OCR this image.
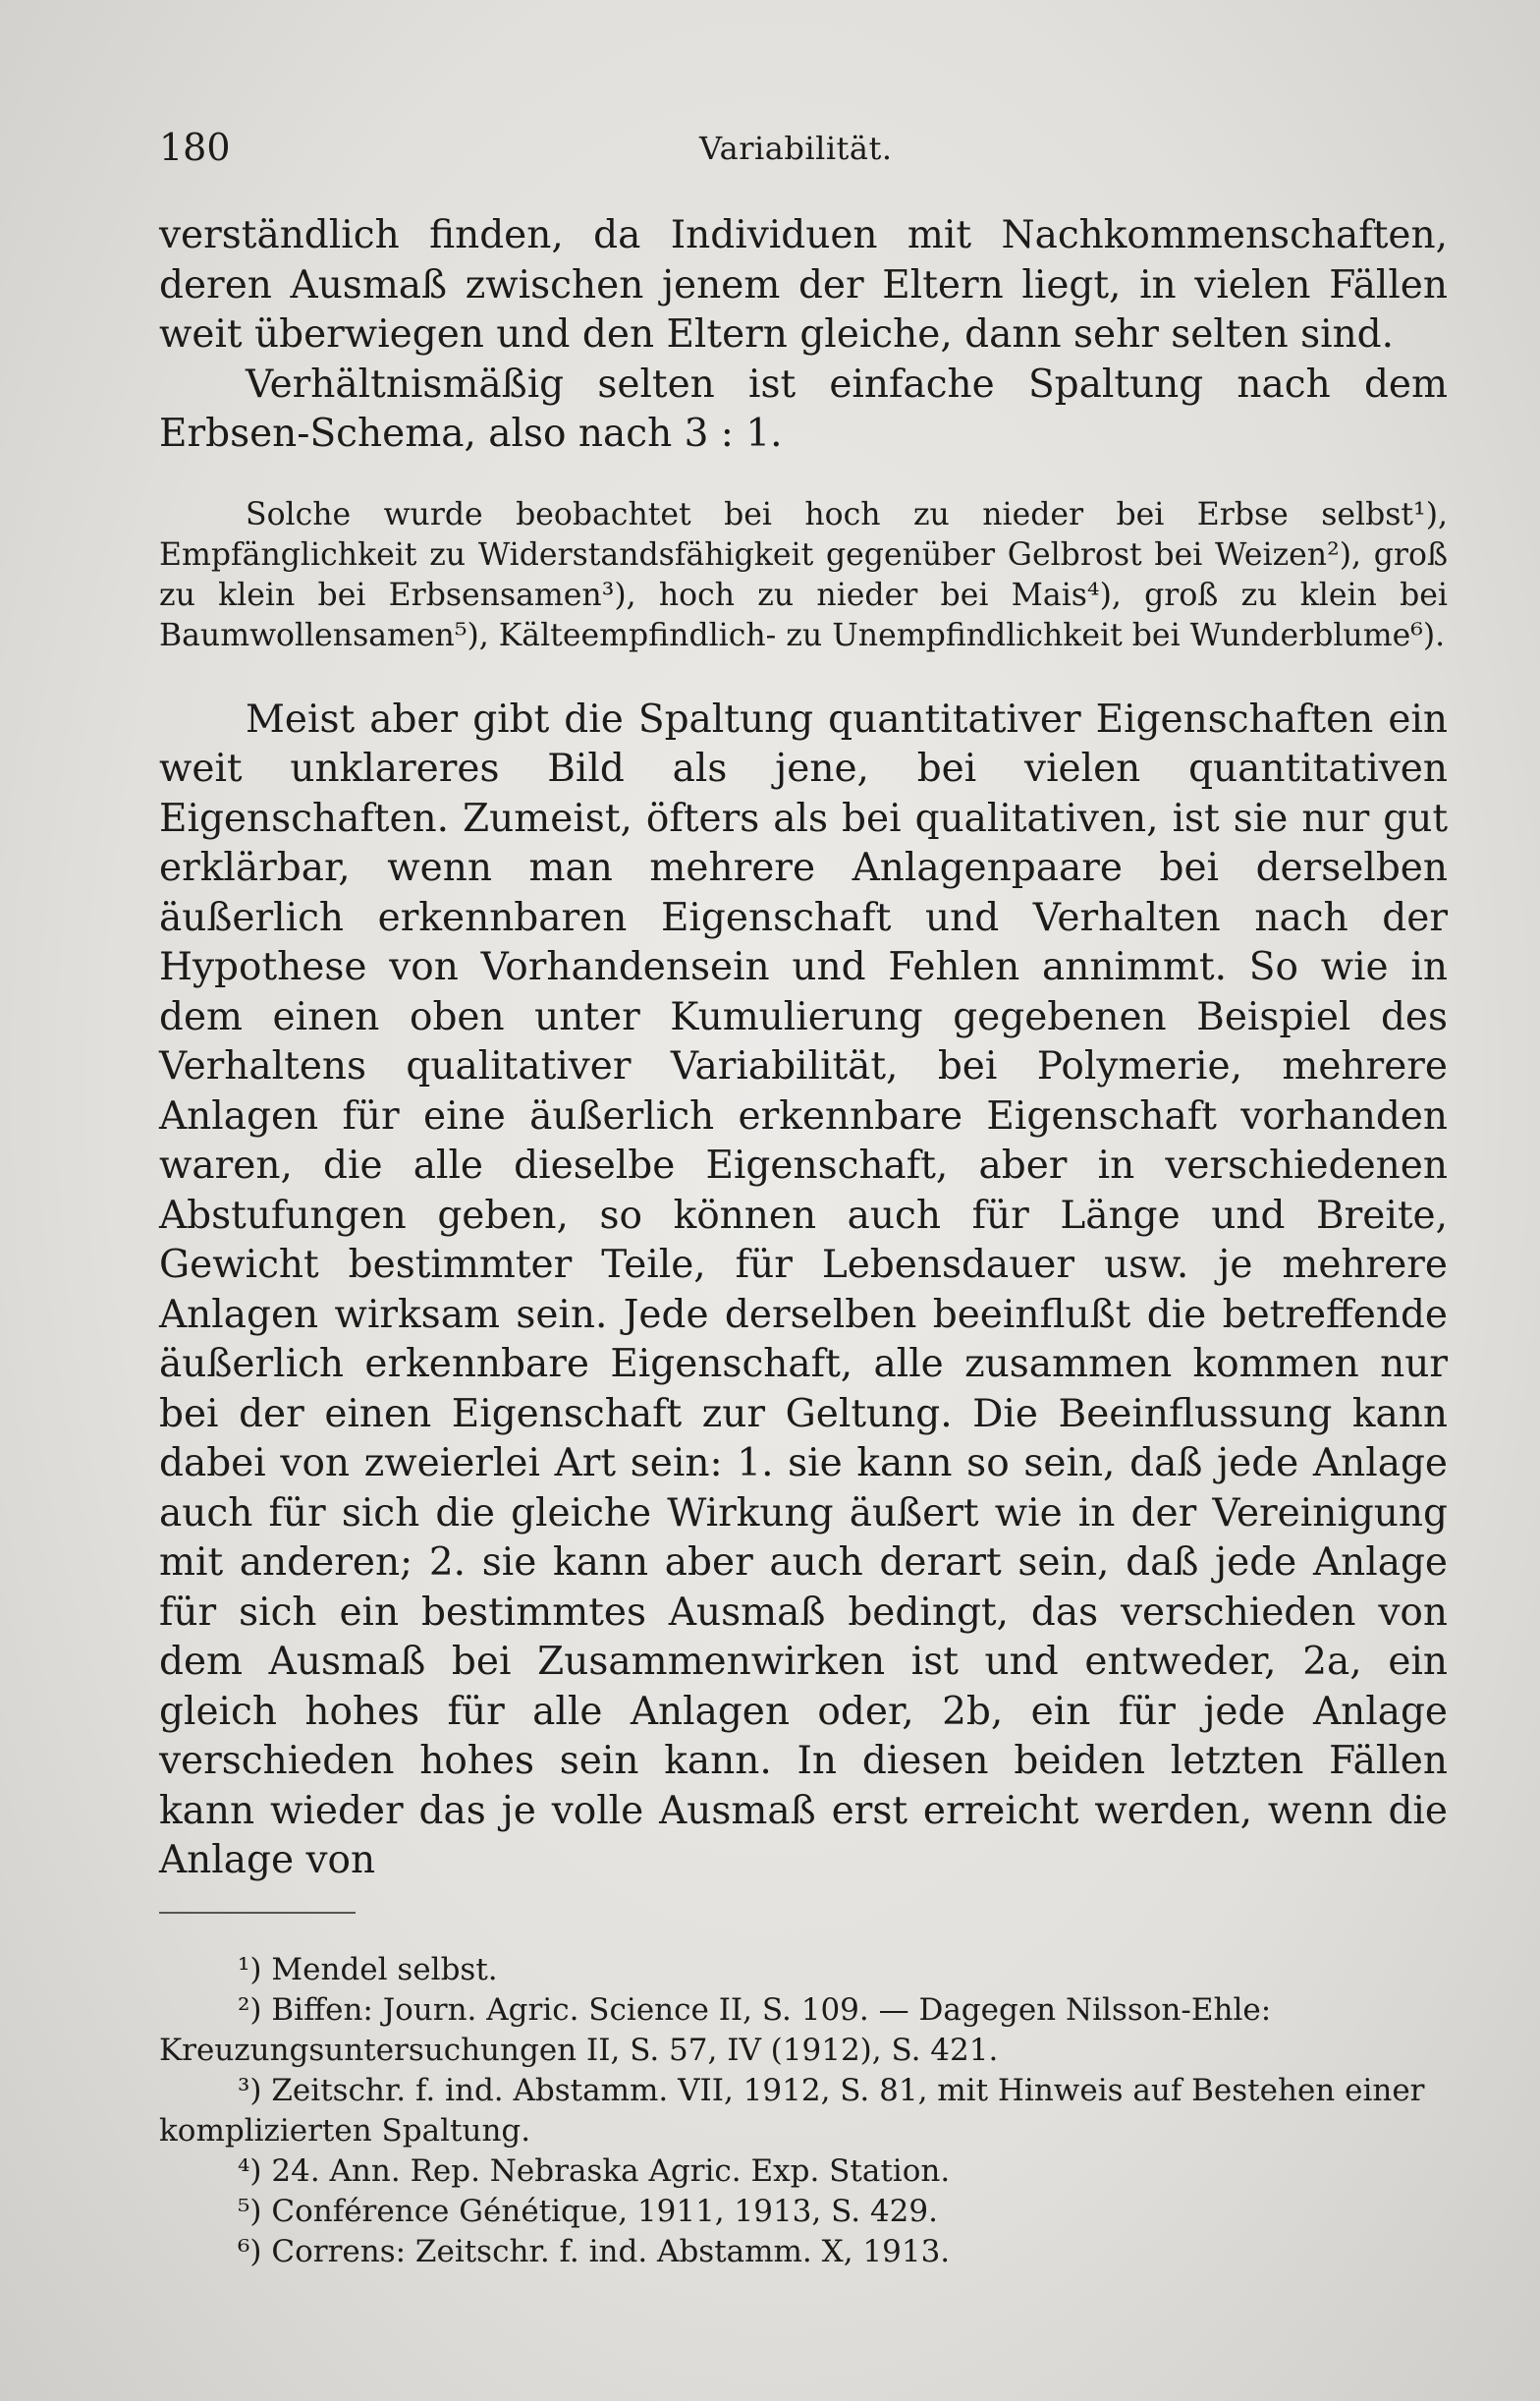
180	Variabilität.

verständlich finden, da Individuen mit Nachkommenschaften, deren Ausmaß zwischen jenem der Eltern liegt, in vielen Fällen weit überwiegen und den Eltern gleiche, dann sehr selten sind.

Verhältnismäßig selten ist einfache Spaltung nach dem Erbsen-Schema, also nach 3 : 1.

Solche wurde beobachtet bei hoch zu nieder bei Erbse selbst¹), Empfänglichkeit zu Widerstandsfähigkeit gegenüber Gelbrost bei Weizen²), groß zu klein bei Erbsensamen³), hoch zu nieder bei Mais⁴), groß zu klein bei Baumwollensamen⁵), Kälteempfindlich- zu Unempfindlichkeit bei Wunderblume⁶).

Meist aber gibt die Spaltung quantitativer Eigenschaften ein weit unklareres Bild als jene, bei vielen quantitativen Eigenschaften. Zumeist, öfters als bei qualitativen, ist sie nur gut erklärbar, wenn man mehrere Anlagenpaare bei derselben äußerlich erkennbaren Eigenschaft und Verhalten nach der Hypothese von Vorhandensein und Fehlen annimmt. So wie in dem einen oben unter Kumulierung gegebenen Beispiel des Verhaltens qualitativer Variabilität, bei Polymerie, mehrere Anlagen für eine äußerlich erkennbare Eigenschaft vorhanden waren, die alle dieselbe Eigenschaft, aber in verschiedenen Abstufungen geben, so können auch für Länge und Breite, Gewicht bestimmter Teile, für Lebensdauer usw. je mehrere Anlagen wirksam sein. Jede derselben beeinflußt die betreffende äußerlich erkennbare Eigenschaft, alle zusammen kommen nur bei der einen Eigenschaft zur Geltung. Die Beeinflussung kann dabei von zweierlei Art sein: 1. sie kann so sein, daß jede Anlage auch für sich die gleiche Wirkung äußert wie in der Vereinigung mit anderen; 2. sie kann aber auch derart sein, daß jede Anlage für sich ein bestimmtes Ausmaß bedingt, das verschieden von dem Ausmaß bei Zusammenwirken ist und entweder, 2a, ein gleich hohes für alle Anlagen oder, 2b, ein für jede Anlage verschieden hohes sein kann. In diesen beiden letzten Fällen kann wieder das je volle Ausmaß erst erreicht werden, wenn die Anlage von

¹) Mendel selbst.

²) Biffen: Journ. Agric. Science II, S. 109. — Dagegen Nilsson-Ehle: Kreuzungsuntersuchungen II, S. 57, IV (1912), S. 421.

³) Zeitschr. f. ind. Abstamm. VII, 1912, S. 81, mit Hinweis auf Bestehen einer komplizierten Spaltung.

⁴) 24. Ann. Rep. Nebraska Agric. Exp. Station.

⁵) Conférence Génétique, 1911, 1913, S. 429.

⁶) Correns: Zeitschr. f. ind. Abstamm. X, 1913.
